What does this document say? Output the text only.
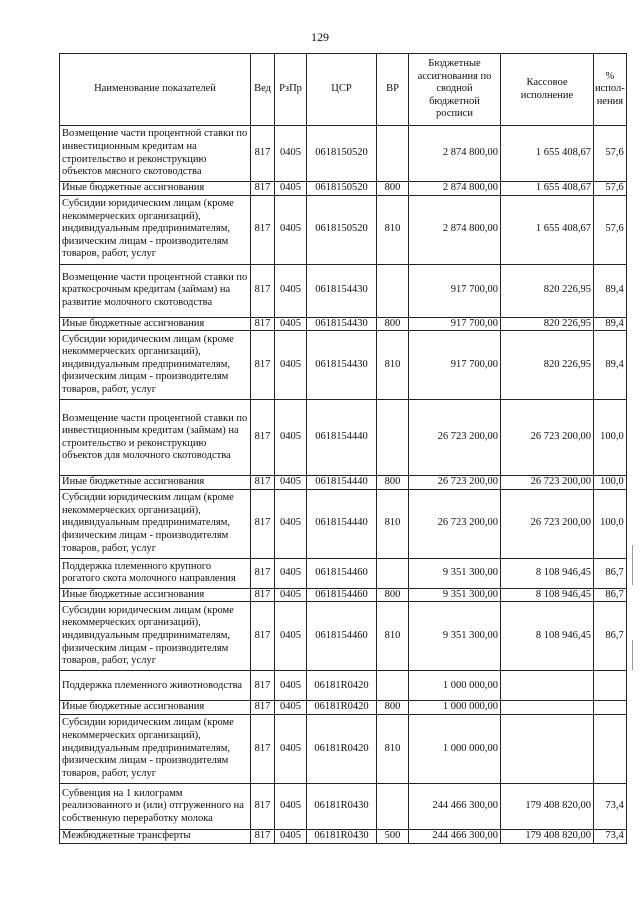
129
Наименование показателей	Вед	РзПр	ЦСР	ВР	Бюджетные ассигнования по сводной бюджетной росписи	Кассовое исполнение	% испол-нения
Возмещение части процентной ставки по инвестиционным кредитам на строительство и реконструкцию объектов мясного скотоводства	817	0405	0618150520		2 874 800,00	1 655 408,67	57,6
Иные бюджетные ассигнования	817	0405	0618150520	800	2 874 800,00	1 655 408,67	57,6
Субсидии юридическим лицам (кроме некоммерческих организаций), индивидуальным предпринимателям, физическим лицам - производителям товаров, работ, услуг	817	0405	0618150520	810	2 874 800,00	1 655 408,67	57,6
Возмещение части процентной ставки по краткосрочным кредитам (займам) на развитие молочного скотоводства	817	0405	0618154430		917 700,00	820 226,95	89,4
Иные бюджетные ассигнования	817	0405	0618154430	800	917 700,00	820 226,95	89,4
Субсидии юридическим лицам (кроме некоммерческих организаций), индивидуальным предпринимателям, физическим лицам - производителям товаров, работ, услуг	817	0405	0618154430	810	917 700,00	820 226,95	89,4
Возмещение части процентной ставки по инвестиционным кредитам (займам) на строительство и реконструкцию объектов для молочного скотоводства	817	0405	0618154440		26 723 200,00	26 723 200,00	100,0
Иные бюджетные ассигнования	817	0405	0618154440	800	26 723 200,00	26 723 200,00	100,0
Субсидии юридическим лицам (кроме некоммерческих организаций), индивидуальным предпринимателям, физическим лицам - производителям товаров, работ, услуг	817	0405	0618154440	810	26 723 200,00	26 723 200,00	100,0
Поддержка племенного крупного рогатого скота молочного направления	817	0405	0618154460		9 351 300,00	8 108 946,45	86,7
Иные бюджетные ассигнования	817	0405	0618154460	800	9 351 300,00	8 108 946,45	86,7
Субсидии юридическим лицам (кроме некоммерческих организаций), индивидуальным предпринимателям, физическим лицам - производителям товаров, работ, услуг	817	0405	0618154460	810	9 351 300,00	8 108 946,45	86,7
Поддержка племенного животноводства	817	0405	06181R0420		1 000 000,00		
Иные бюджетные ассигнования	817	0405	06181R0420	800	1 000 000,00		
Субсидии юридическим лицам (кроме некоммерческих организаций), индивидуальным предпринимателям, физическим лицам - производителям товаров, работ, услуг	817	0405	06181R0420	810	1 000 000,00		
Субвенция на 1 килограмм реализованного и (или) отгруженного на собственную переработку молока	817	0405	06181R0430		244 466 300,00	179 408 820,00	73,4
Межбюджетные трансферты	817	0405	06181R0430	500	244 466 300,00	179 408 820,00	73,4
